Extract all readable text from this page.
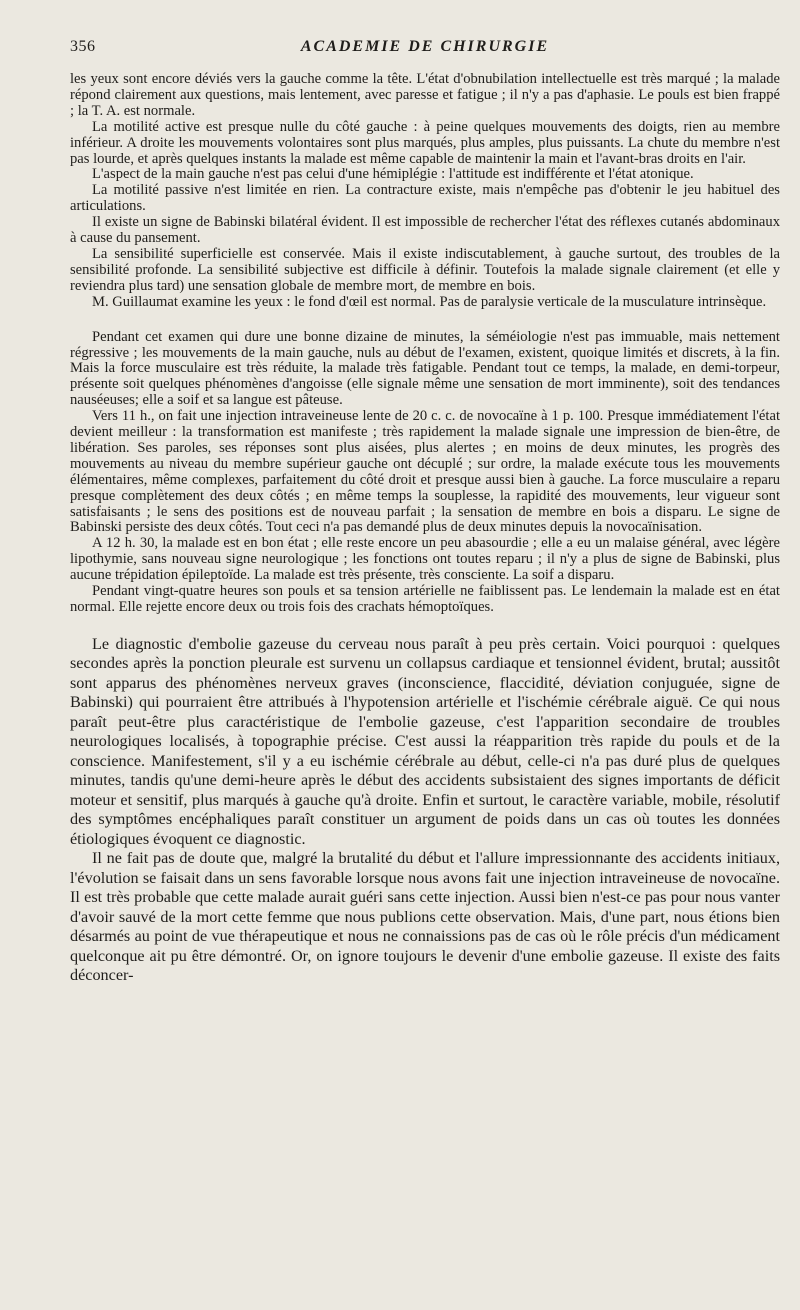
356	ACADEMIE DE CHIRURGIE

les yeux sont encore déviés vers la gauche comme la tête. L'état d'obnubilation intellectuelle est très marqué ; la malade répond clairement aux questions, mais lentement, avec paresse et fatigue ; il n'y a pas d'aphasie. Le pouls est bien frappé ; la T. A. est normale.

La motilité active est presque nulle du côté gauche : à peine quelques mouvements des doigts, rien au membre inférieur. A droite les mouvements volontaires sont plus marqués, plus amples, plus puissants. La chute du membre n'est pas lourde, et après quelques instants la malade est même capable de maintenir la main et l'avant-bras droits en l'air.

L'aspect de la main gauche n'est pas celui d'une hémiplégie : l'attitude est indifférente et l'état atonique.

La motilité passive n'est limitée en rien. La contracture existe, mais n'empêche pas d'obtenir le jeu habituel des articulations.

Il existe un signe de Babinski bilatéral évident. Il est impossible de rechercher l'état des réflexes cutanés abdominaux à cause du pansement.

La sensibilité superficielle est conservée. Mais il existe indiscutablement, à gauche surtout, des troubles de la sensibilité profonde. La sensibilité subjective est difficile à définir. Toutefois la malade signale clairement (et elle y reviendra plus tard) une sensation globale de membre mort, de membre en bois.

M. Guillaumat examine les yeux : le fond d'œil est normal. Pas de paralysie verticale de la musculature intrinsèque.

Pendant cet examen qui dure une bonne dizaine de minutes, la séméiologie n'est pas immuable, mais nettement régressive ; les mouvements de la main gauche, nuls au début de l'examen, existent, quoique limités et discrets, à la fin. Mais la force musculaire est très réduite, la malade très fatigable. Pendant tout ce temps, la malade, en demi-torpeur, présente soit quelques phénomènes d'angoisse (elle signale même une sensation de mort imminente), soit des tendances nauséeuses; elle a soif et sa langue est pâteuse.

Vers 11 h., on fait une injection intraveineuse lente de 20 c. c. de novocaïne à 1 p. 100. Presque immédiatement l'état devient meilleur : la transformation est manifeste ; très rapidement la malade signale une impression de bien-être, de libération. Ses paroles, ses réponses sont plus aisées, plus alertes ; en moins de deux minutes, les progrès des mouvements au niveau du membre supérieur gauche ont décuplé ; sur ordre, la malade exécute tous les mouvements élémentaires, même complexes, parfaitement du côté droit et presque aussi bien à gauche. La force musculaire a reparu presque complètement des deux côtés ; en même temps la souplesse, la rapidité des mouvements, leur vigueur sont satisfaisants ; le sens des positions est de nouveau parfait ; la sensation de membre en bois a disparu. Le signe de Babinski persiste des deux côtés. Tout ceci n'a pas demandé plus de deux minutes depuis la novocaïnisation.

A 12 h. 30, la malade est en bon état ; elle reste encore un peu abasourdie ; elle a eu un malaise général, avec légère lipothymie, sans nouveau signe neurologique ; les fonctions ont toutes reparu ; il n'y a plus de signe de Babinski, plus aucune trépidation épileptoïde. La malade est très présente, très consciente. La soif a disparu.

Pendant vingt-quatre heures son pouls et sa tension artérielle ne faiblissent pas. Le lendemain la malade est en état normal. Elle rejette encore deux ou trois fois des crachats hémoptoïques.

Le diagnostic d'embolie gazeuse du cerveau nous paraît à peu près certain. Voici pourquoi : quelques secondes après la ponction pleurale est survenu un collapsus cardiaque et tensionnel évident, brutal; aussitôt sont apparus des phénomènes nerveux graves (inconscience, flaccidité, déviation conjuguée, signe de Babinski) qui pourraient être attribués à l'hypotension artérielle et l'ischémie cérébrale aiguë. Ce qui nous paraît peut-être plus caractéristique de l'embolie gazeuse, c'est l'apparition secondaire de troubles neurologiques localisés, à topographie précise. C'est aussi la réapparition très rapide du pouls et de la conscience. Manifestement, s'il y a eu ischémie cérébrale au début, celle-ci n'a pas duré plus de quelques minutes, tandis qu'une demi-heure après le début des accidents subsistaient des signes importants de déficit moteur et sensitif, plus marqués à gauche qu'à droite. Enfin et surtout, le caractère variable, mobile, résolutif des symptômes encéphaliques paraît constituer un argument de poids dans un cas où toutes les données étiologiques évoquent ce diagnostic.

Il ne fait pas de doute que, malgré la brutalité du début et l'allure impressionnante des accidents initiaux, l'évolution se faisait dans un sens favorable lorsque nous avons fait une injection intraveineuse de novocaïne. Il est très probable que cette malade aurait guéri sans cette injection. Aussi bien n'est-ce pas pour nous vanter d'avoir sauvé de la mort cette femme que nous publions cette observation. Mais, d'une part, nous étions bien désarmés au point de vue thérapeutique et nous ne connaissions pas de cas où le rôle précis d'un médicament quelconque ait pu être démontré. Or, on ignore toujours le devenir d'une embolie gazeuse. Il existe des faits déconcer-
